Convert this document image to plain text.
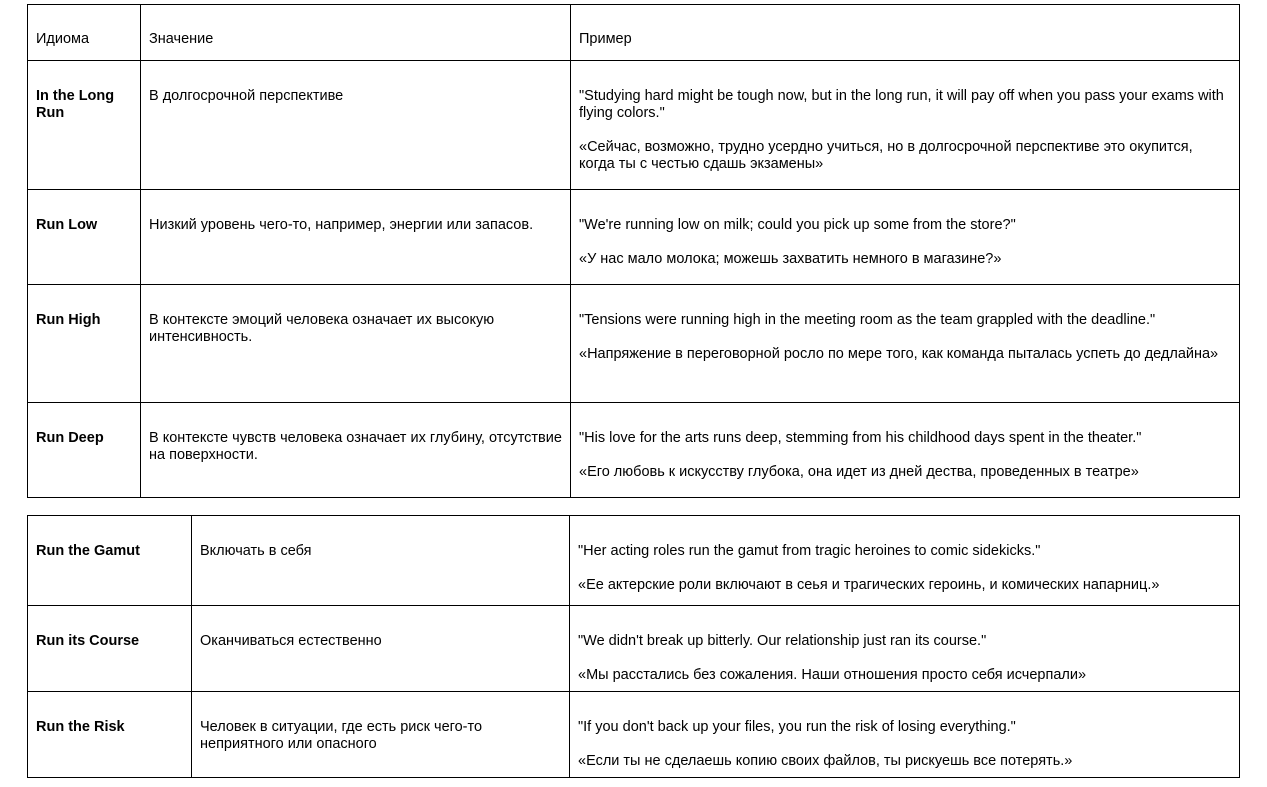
Идиома	Значение	Пример
In the Long Run	В долгосрочной перспективе	"Studying hard might be tough now, but in the long run, it will pay off when you pass your exams with flying colors."

«Сейчас, возможно, трудно усердно учиться, но в долгосрочной перспективе это окупится, когда ты с честью сдашь экзамены»

Run Low	Низкий уровень чего-то, например, энергии или запасов.	"We're running low on milk; could you pick up some from the store?"

«У нас мало молока; можешь захватить немного в магазине?»

Run High	В контексте эмоций человека означает их высокую интенсивность.	"Tensions were running high in the meeting room as the team grappled with the deadline."

«Напряжение в переговорной росло по мере того, как команда пыталась успеть до дедлайна»

Run Deep	В контексте чувств человека означает их глубину, отсутствие на поверхности.	"His love for the arts runs deep, stemming from his childhood days spent in the theater."

«Его любовь к искусству глубока, она идет из дней дества, проведенных в театре»

Run the Gamut	Включать в себя	"Her acting roles run the gamut from tragic heroines to comic sidekicks."

«Ее актерские роли включают в сеья и трагических героинь, и комических напарниц.»

Run its Course	Оканчиваться естественно	"We didn't break up bitterly. Our relationship just ran its course."

«Мы расстались без сожаления. Наши отношения просто себя исчерпали»

Run the Risk	Человек в ситуации, где есть риск чего-то неприятного или опасного	"If you don't back up your files, you run the risk of losing everything."

«Если ты не сделаешь копию своих файлов, ты рискуешь все потерять.»
